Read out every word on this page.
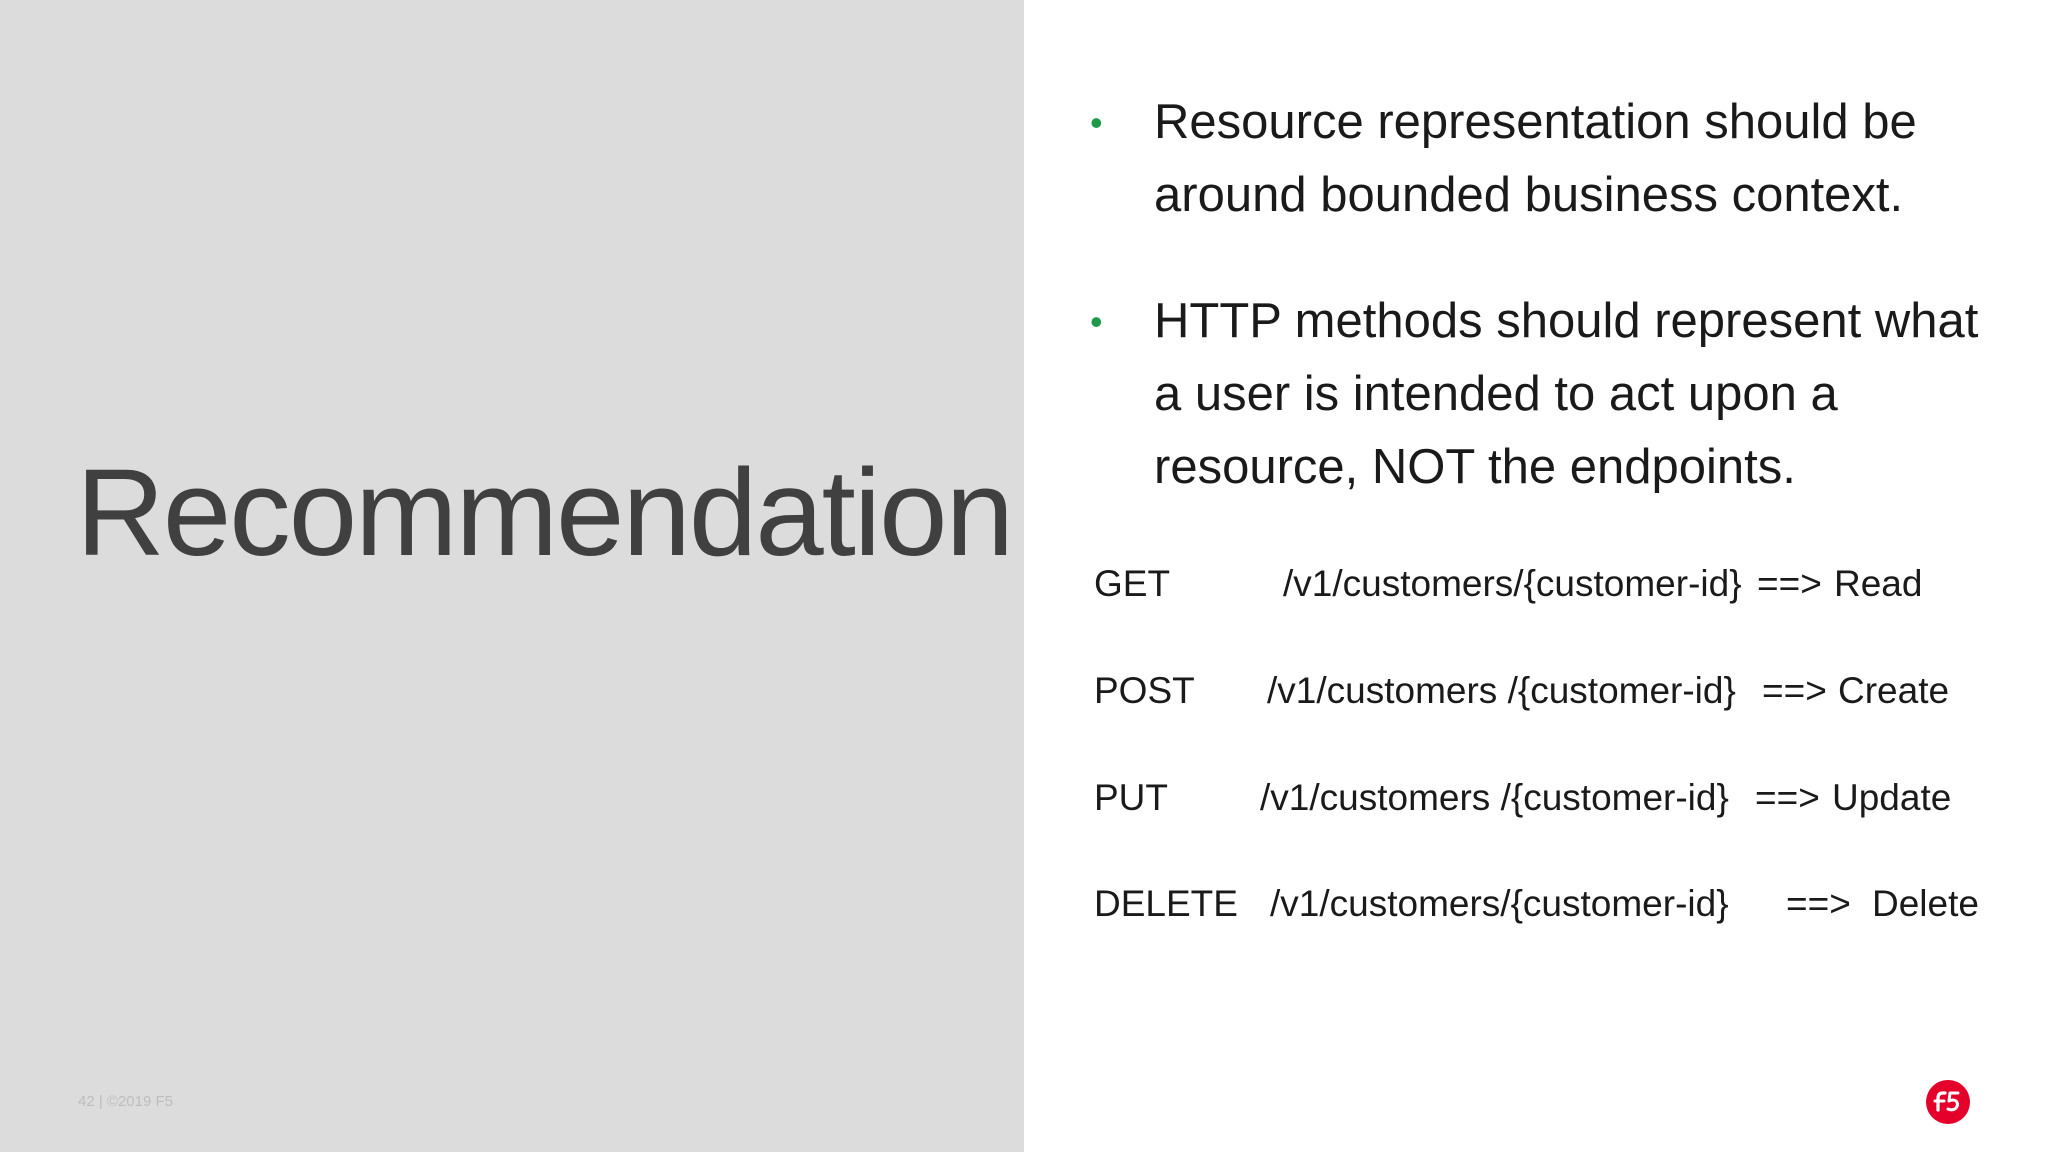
Recommendation
42 | ©2019 F5
• Resource representation should be
around bounded business context.
• HTTP methods should represent what
a user is intended to act upon a
resource, NOT the endpoints.
GET	/v1/customers/{customer-id} ==> Read
POST /v1/customers /{customer-id} ==> Create
PUT /v1/customers /{customer-id} ==> Update
DELETE /v1/customers/{customer-id} ==> Delete
